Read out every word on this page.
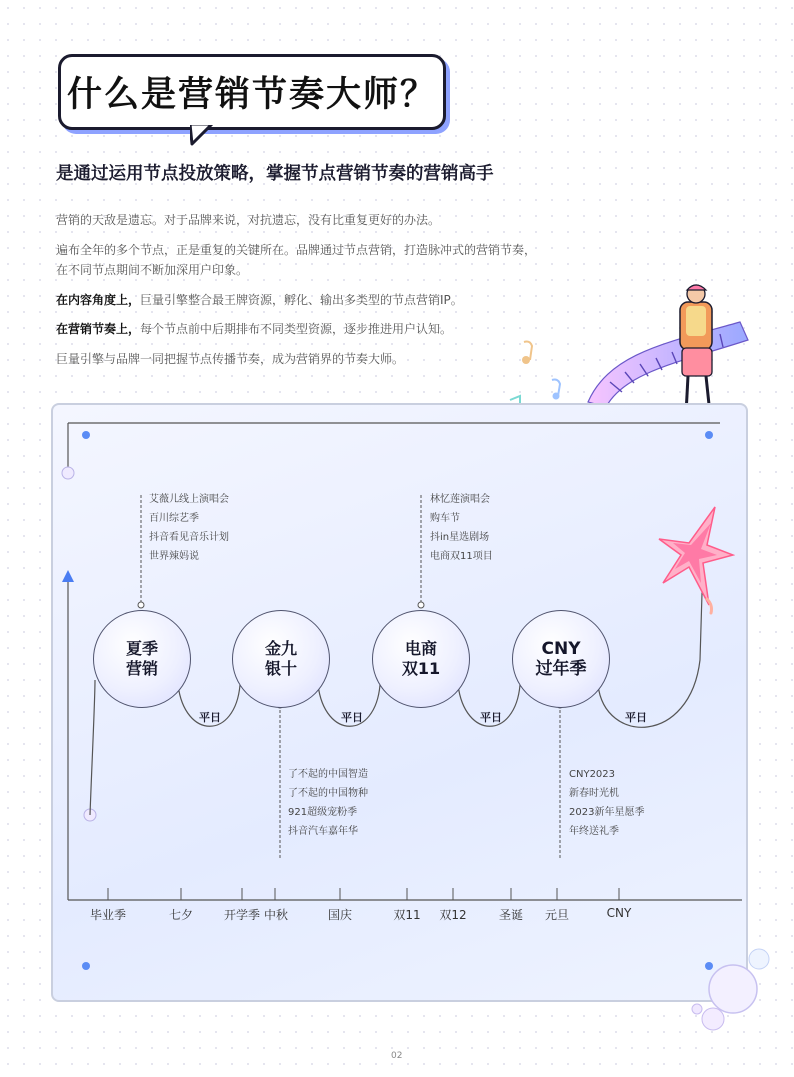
什么是营销节奏大师？
是通过运用节点投放策略，掌握节点营销节奏的营销高手
营销的天敌是遗忘。对于品牌来说，对抗遗忘，没有比重复更好的办法。
遍布全年的多个节点，正是重复的关键所在。品牌通过节点营销，打造脉冲式的营销节奏，
在不同节点期间不断加深用户印象。
在内容角度上，巨量引擎整合最王牌资源，孵化、输出多类型的节点营销IP。
在营销节奏上，每个节点前中后期排布不同类型资源，逐步推进用户认知。
巨量引擎与品牌一同把握节点传播节奏，成为营销界的节奏大师。
夏季
营销
金九
银十
电商
双11
CNY
过年季
平日	平日	平日	平日
艾薇儿线上演唱会
百川综艺季
抖音看见音乐计划
世界辣妈说
林忆莲演唱会
购车节
抖in星选剧场
电商双11项目
了不起的中国智造
了不起的中国物种
921超级宠粉季
抖音汽车嘉年华
CNY2023
新春时光机
2023新年星愿季
年终送礼季
毕业季	七夕	开学季 中秋	国庆	双11 双12	圣诞 元旦	CNY
02
